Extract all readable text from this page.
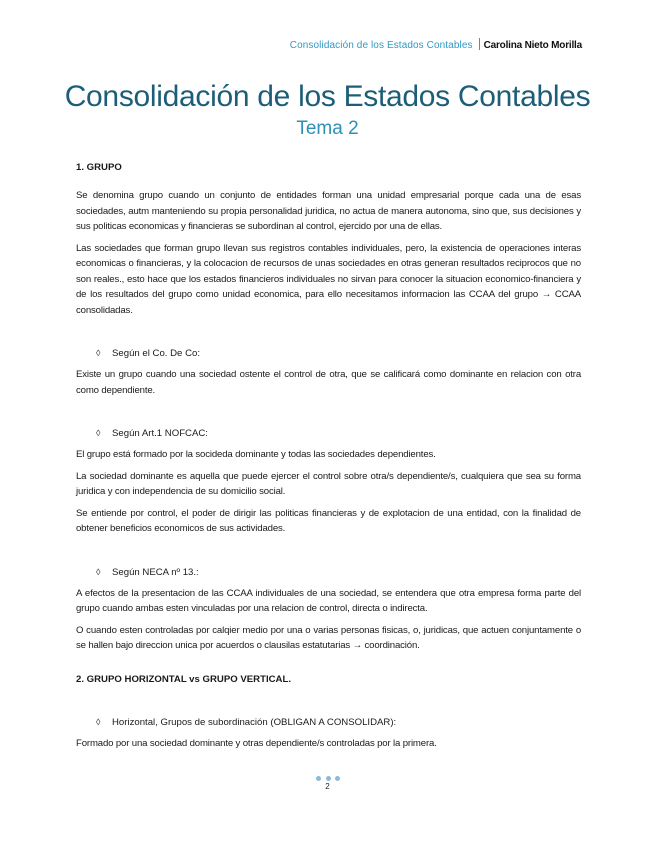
Consolidación de los Estados Contables Carolina Nieto Morilla
Consolidación de los Estados Contables
Tema 2

1. GRUPO

Se denomina grupo cuando un conjunto de entidades forman una unidad empresarial porque cada una de esas sociedades, autm manteniendo su propia personalidad juridica, no actua de manera autonoma, sino que, sus decisiones y sus politicas economicas y financieras se subordinan al control, ejercido por una de ellas.

Las sociedades que forman grupo llevan sus registros contables individuales, pero, la existencia de operaciones interas economicas o financieras, y la colocacion de recursos de unas sociedades en otras generan resultados reciprocos que no son reales., esto hace que los estados financieros individuales no sirvan para conocer la situacion economico-financiera y de los resultados del grupo como unidad economica, para ello necesitamos informacion las CCAA del grupo → CCAA consolidadas.

◊ Según el Co. De Co:

Existe un grupo cuando una sociedad ostente el control de otra, que se calificará como dominante en relacion con otra como dependiente.

◊ Según Art.1 NOFCAC:

El grupo está formado por la socideda dominante y todas las sociedades dependientes.

La sociedad dominante es aquella que puede ejercer el control sobre otra/s dependiente/s, cualquiera que sea su forma juridica y con independencia de su domicilio social.

Se entiende por control, el poder de dirigir las politicas financieras y de explotacion de una entidad, con la finalidad de obtener beneficios economicos de sus actividades.

◊ Según NECA nº 13.:

A efectos de la presentacion de las CCAA individuales de una sociedad, se entendera que otra empresa forma parte del grupo cuando ambas esten vinculadas por una relacion de control, directa o indirecta.

O cuando esten controladas por calqier medio por una o varias personas fisicas, o, juridicas, que actuen conjuntamente o se hallen bajo direccion unica por acuerdos o clausilas estatutarias → coordinación.

2. GRUPO HORIZONTAL vs GRUPO VERTICAL.

◊ Horizontal, Grupos de subordinación (OBLIGAN A CONSOLIDAR):

Formado por una sociedad dominante y otras dependiente/s controladas por la primera.

2
